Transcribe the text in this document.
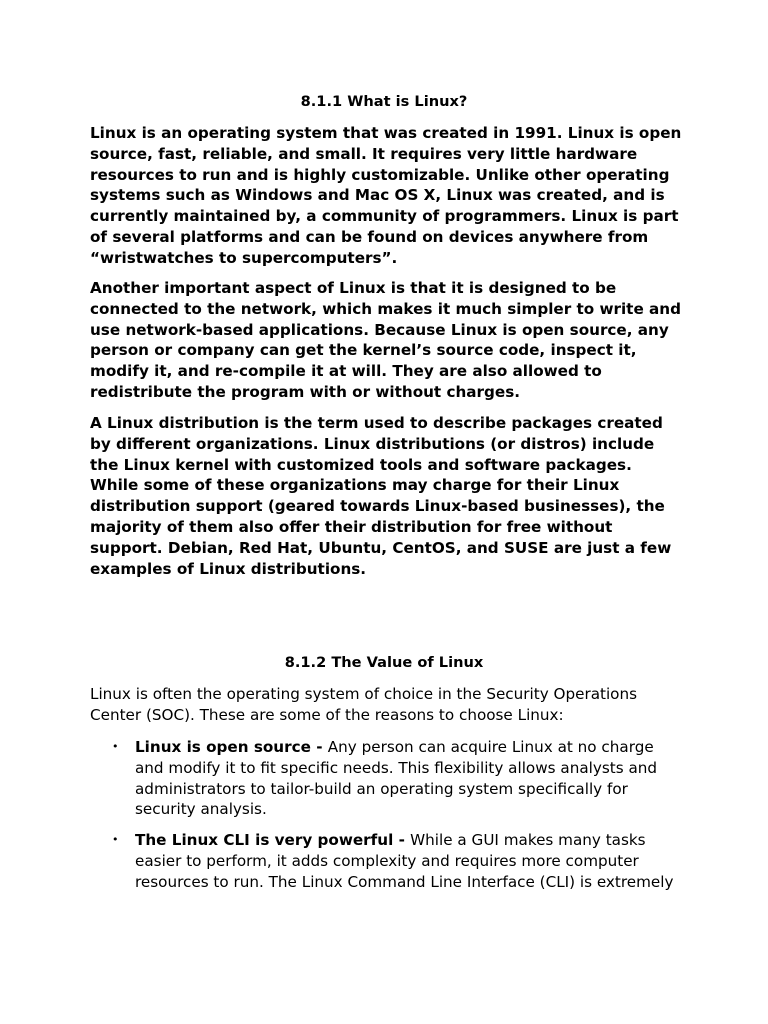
8.1.1 What is Linux?

Linux is an operating system that was created in 1991. Linux is open source, fast, reliable, and small. It requires very little hardware resources to run and is highly customizable. Unlike other operating systems such as Windows and Mac OS X, Linux was created, and is currently maintained by, a community of programmers. Linux is part of several platforms and can be found on devices anywhere from “wristwatches to supercomputers”.

Another important aspect of Linux is that it is designed to be connected to the network, which makes it much simpler to write and use network-based applications. Because Linux is open source, any person or company can get the kernel’s source code, inspect it, modify it, and re-compile it at will. They are also allowed to redistribute the program with or without charges.

A Linux distribution is the term used to describe packages created by different organizations. Linux distributions (or distros) include the Linux kernel with customized tools and software packages. While some of these organizations may charge for their Linux distribution support (geared towards Linux-based businesses), the majority of them also offer their distribution for free without support. Debian, Red Hat, Ubuntu, CentOS, and SUSE are just a few examples of Linux distributions.

8.1.2 The Value of Linux

Linux is often the operating system of choice in the Security Operations Center (SOC). These are some of the reasons to choose Linux:

• Linux is open source - Any person can acquire Linux at no charge and modify it to fit specific needs. This flexibility allows analysts and administrators to tailor-build an operating system specifically for security analysis.
• The Linux CLI is very powerful - While a GUI makes many tasks easier to perform, it adds complexity and requires more computer resources to run. The Linux Command Line Interface (CLI) is extremely
